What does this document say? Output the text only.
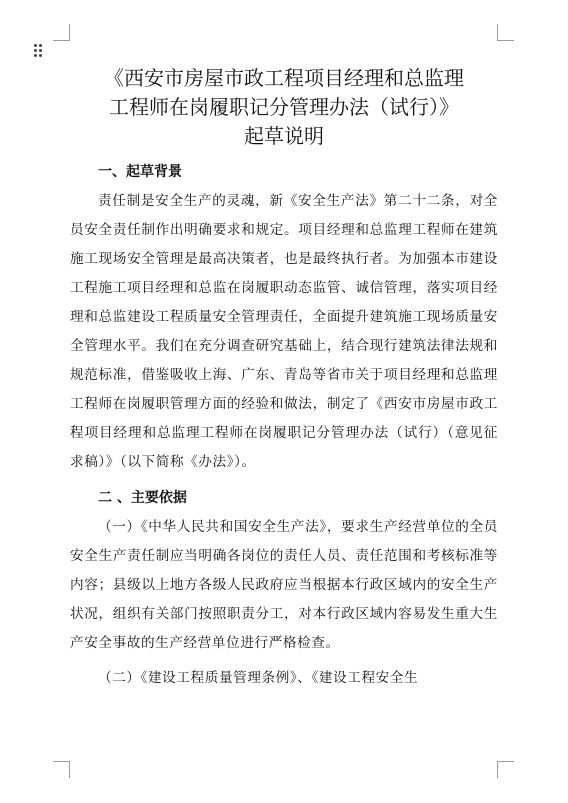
《西安市房屋市政工程项目经理和总监理
工程师在岗履职记分管理办法（试行）》
起草说明
一、起草背景

责任制是安全生产的灵魂，新《安全生产法》第二十二条，对全员安全责任制作出明确要求和规定。项目经理和总监理工程师在建筑施工现场安全管理是最高决策者，也是最终执行者。为加强本市建设工程施工项目经理和总监在岗履职动态监管、诚信管理，落实项目经理和总监建设工程质量安全管理责任，全面提升建筑施工现场质量安全管理水平。我们在充分调查研究基础上，结合现行建筑法律法规和规范标准，借鉴吸收上海、广东、青岛等省市关于项目经理和总监理工程师在岗履职管理方面的经验和做法，制定了《西安市房屋市政工程项目经理和总监理工程师在岗履职记分管理办法（试行）（意见征求稿）》（以下简称《办法》）。

二 、主要依据

（一）《中华人民共和国安全生产法》，要求生产经营单位的全员安全生产责任制应当明确各岗位的责任人员、责任范围和考核标准等内容；县级以上地方各级人民政府应当根据本行政区域内的安全生产状况，组织有关部门按照职责分工，对本行政区域内容易发生重大生产安全事故的生产经营单位进行严格检查。

（二）《建设工程质量管理条例》、《建设工程安全生
